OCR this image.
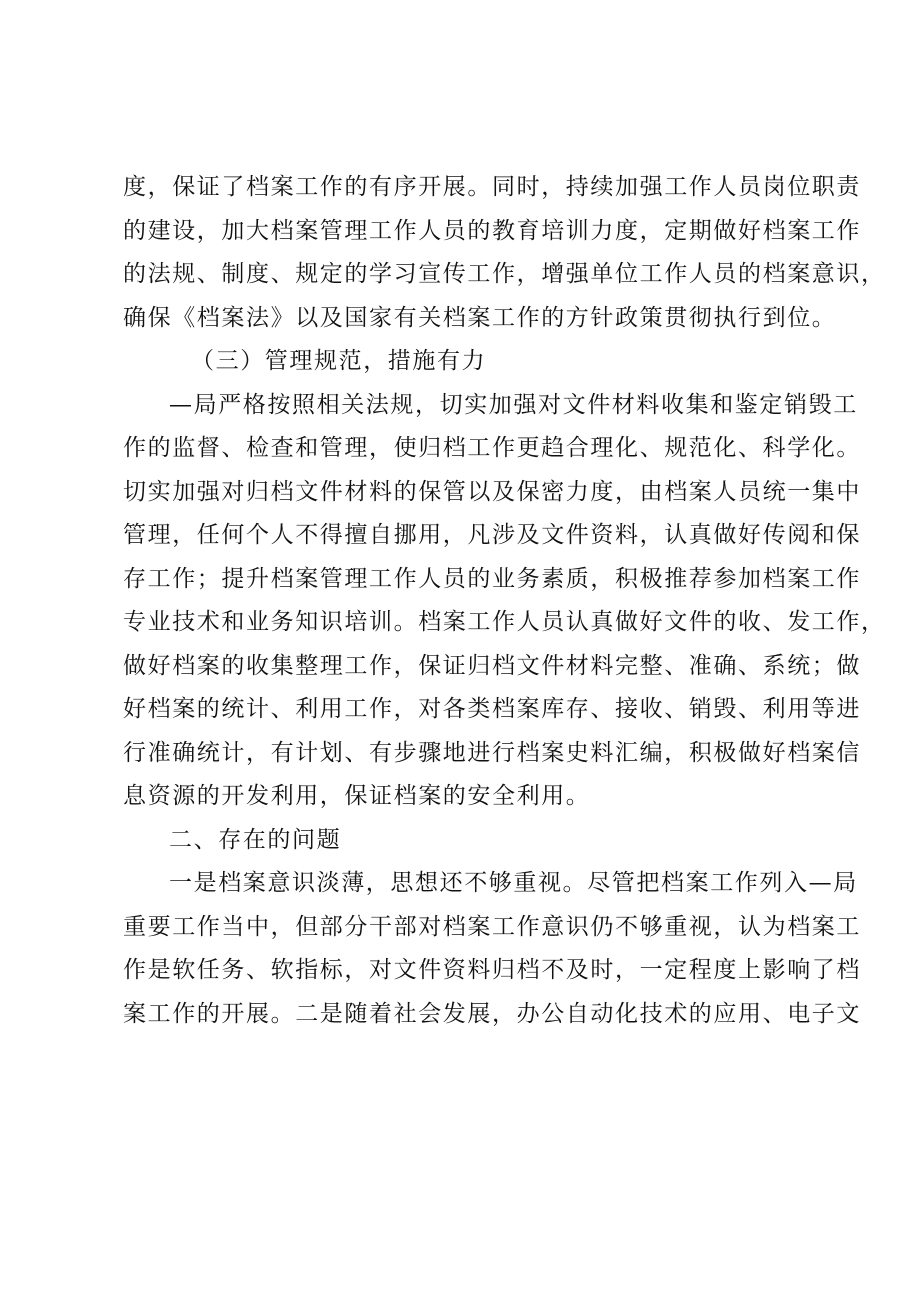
度，保证了档案工作的有序开展。同时，持续加强工作人员岗位职责
的建设，加大档案管理工作人员的教育培训力度，定期做好档案工作
的法规、制度、规定的学习宣传工作，增强单位工作人员的档案意识，
确保《档案法》以及国家有关档案工作的方针政策贯彻执行到位。
（三）管理规范，措施有力
—局严格按照相关法规，切实加强对文件材料收集和鉴定销毁工
作的监督、检查和管理，使归档工作更趋合理化、规范化、科学化。
切实加强对归档文件材料的保管以及保密力度，由档案人员统一集中
管理，任何个人不得擅自挪用，凡涉及文件资料，认真做好传阅和保
存工作；提升档案管理工作人员的业务素质，积极推荐参加档案工作
专业技术和业务知识培训。档案工作人员认真做好文件的收、发工作，
做好档案的收集整理工作，保证归档文件材料完整、准确、系统；做
好档案的统计、利用工作，对各类档案库存、接收、销毁、利用等进
行准确统计，有计划、有步骤地进行档案史料汇编，积极做好档案信
息资源的开发利用，保证档案的安全利用。
二、存在的问题
一是档案意识淡薄，思想还不够重视。尽管把档案工作列入—局
重要工作当中，但部分干部对档案工作意识仍不够重视，认为档案工
作是软任务、软指标，对文件资料归档不及时，一定程度上影响了档
案工作的开展。二是随着社会发展，办公自动化技术的应用、电子文
